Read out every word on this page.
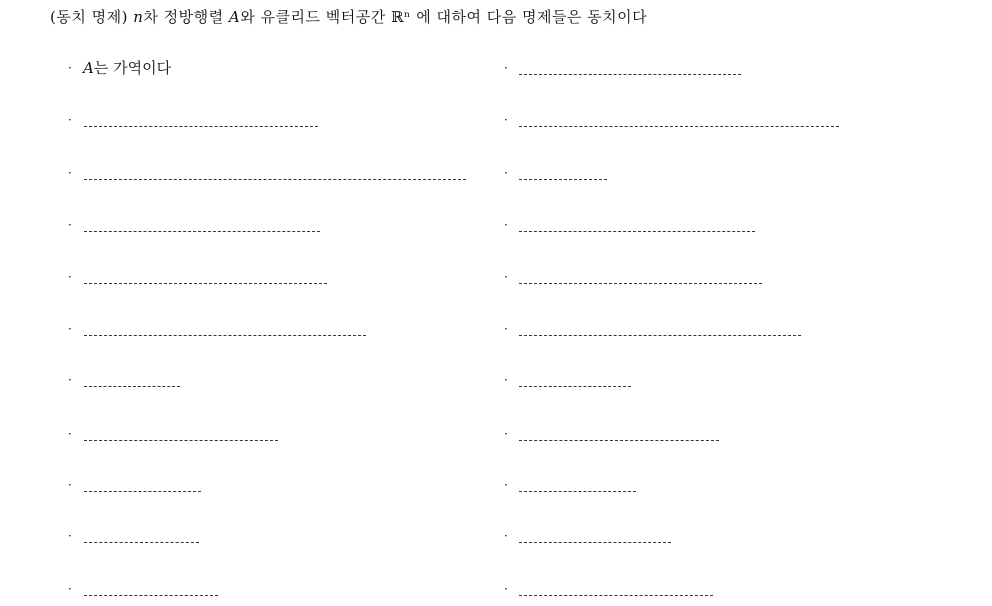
(동치 명제) n차 정방행렬 A와 유클리드 벡터공간 ℝⁿ 에 대하여 다음 명제들은 동치이다
· A는 가역이다
·
·
·
·
·
·
·
·
·
·
·
·
·
·
·
·
·
·
·
·
·
